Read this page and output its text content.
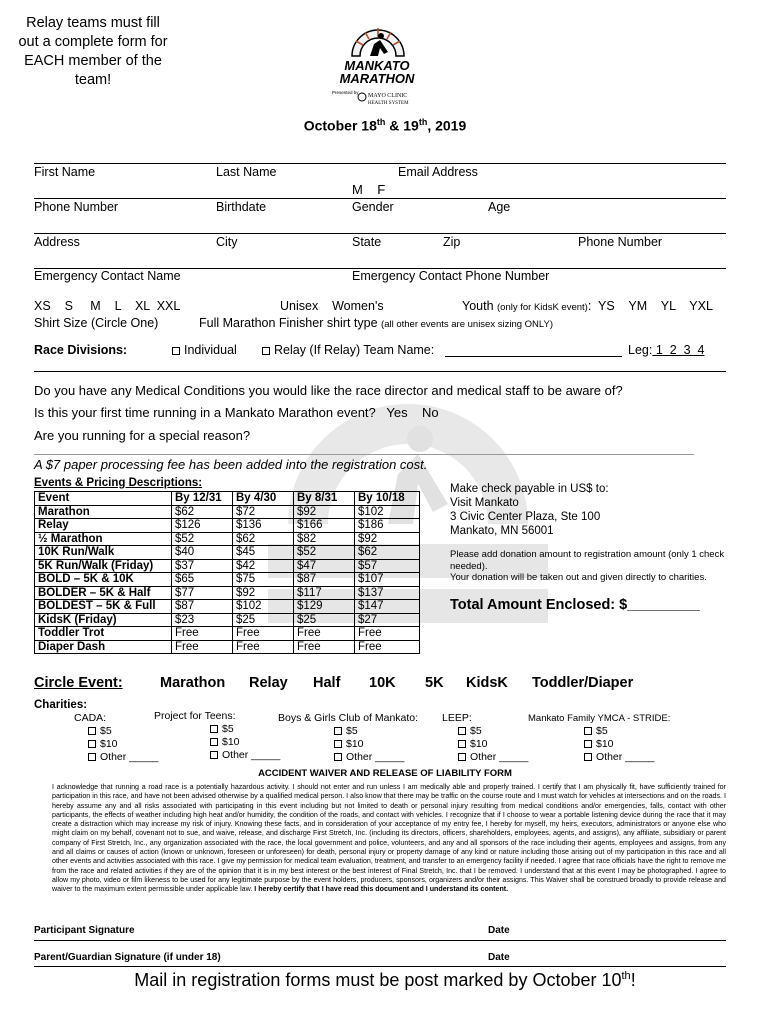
Relay teams must fill out a complete form for EACH member of the team!
MANKATO
MARATHON
Presented by
MAYO CLINIC
HEALTH SYSTEM
October 18th & 19th, 2019
First Name	Last Name	Email Address
M    F
Phone Number	Birthdate	Gender	Age
Address	City	State	Zip	Phone Number
Emergency Contact Name	Emergency Contact Phone Number
XS    S     M    L    XL  XXL	Unisex    Women's	Youth (only for KidsK event):  YS    YM    YL    YXL
Shirt Size (Circle One)	Full Marathon Finisher shirt type (all other events are unisex sizing ONLY)
Race Divisions:	Individual	Relay (If Relay) Team Name:	Leg: 1  2  3  4
Do you have any Medical Conditions you would like the race director and medical staff to be aware of?
Is this your first time running in a Mankato Marathon event?   Yes    No
Are you running for a special reason?
A $7 paper processing fee has been added into the registration cost.
Events & Pricing Descriptions:
Event	By 12/31	By 4/30	By 8/31	By 10/18
Marathon	$62	$72	$92	$102
Relay	$126	$136	$166	$186
½ Marathon	$52	$62	$82	$92
10K Run/Walk	$40	$45	$52	$62
5K Run/Walk (Friday)	$37	$42	$47	$57
BOLD – 5K & 10K	$65	$75	$87	$107
BOLDER – 5K & Half	$77	$92	$117	$137
BOLDEST – 5K & Full	$87	$102	$129	$147
KidsK (Friday)	$23	$25	$25	$27
Toddler Trot	Free	Free	Free	Free
Diaper Dash	Free	Free	Free	Free
Make check payable in US$ to:
Visit Mankato
3 Civic Center Plaza, Ste 100
Mankato, MN 56001
Please add donation amount to registration amount (only 1 check needed).
Your donation will be taken out and given directly to charities.
Total Amount Enclosed: $_________
Circle Event:	Marathon Relay Half 10K 5K KidsK Toddler/Diaper
Charities:
CADA:
$5
$10
Other _____
Project for Teens:
$5
$10
Other _____
Boys & Girls Club of Mankato:
$5
$10
Other _____
LEEP:
$5
$10
Other _____
Mankato Family YMCA - STRIDE:
$5
$10
Other _____
ACCIDENT WAIVER AND RELEASE OF LIABILITY FORM
I acknowledge that running a road race is a potentially hazardous activity. I should not enter and run unless I am medically able and properly trained. I certify that I am physically fit, have sufficiently trained for participation in this race, and have not been advised otherwise by a qualified medical person. I also know that there may be traffic on the course route and I must watch for vehicles at intersections and on the roads. I hereby assume any and all risks associated with participating in this event including but not limited to death or personal injury resulting from medical conditions and/or emergencies, falls, contact with other participants, the effects of weather including high heat and/or humidity, the condition of the roads, and contact with vehicles. I recognize that if I choose to wear a portable listening device during the race that it may create a distraction which may increase my risk of injury. Knowing these facts, and in consideration of your acceptance of my entry fee, I hereby for myself, my heirs, executors, administrators or anyone else who might claim on my behalf, covenant not to sue, and waive, release, and discharge First Stretch, Inc. (including its directors, officers, shareholders, employees, agents, and assigns), any affiliate, subsidiary or parent company of First Stretch, Inc., any organization associated with the race, the local government and police, volunteers, and any and all sponsors of the race including their agents, employees and assigns, from any and all claims or causes of action (known or unknown, foreseen or unforeseen) for death, personal injury or property damage of any kind or nature including those arising out of my participation in this race and all other events and activities associated with this race. I give my permission for medical team evaluation, treatment, and transfer to an emergency facility if needed. I agree that race officials have the right to remove me from the race and related activities if they are of the opinion that it is in my best interest or the best interest of Final Stretch, Inc. that I be removed. I understand that at this event I may be photographed. I agree to allow my photo, video or film likeness to be used for any legitimate purpose by the event holders, producers, sponsors, organizers and/or their assigns. This Waiver shall be construed broadly to provide release and waiver to the maximum extent permissible under applicable law. I hereby certify that I have read this document and I understand its content.
Participant Signature	Date
Parent/Guardian Signature (if under 18)	Date
Mail in registration forms must be post marked by October 10th!
